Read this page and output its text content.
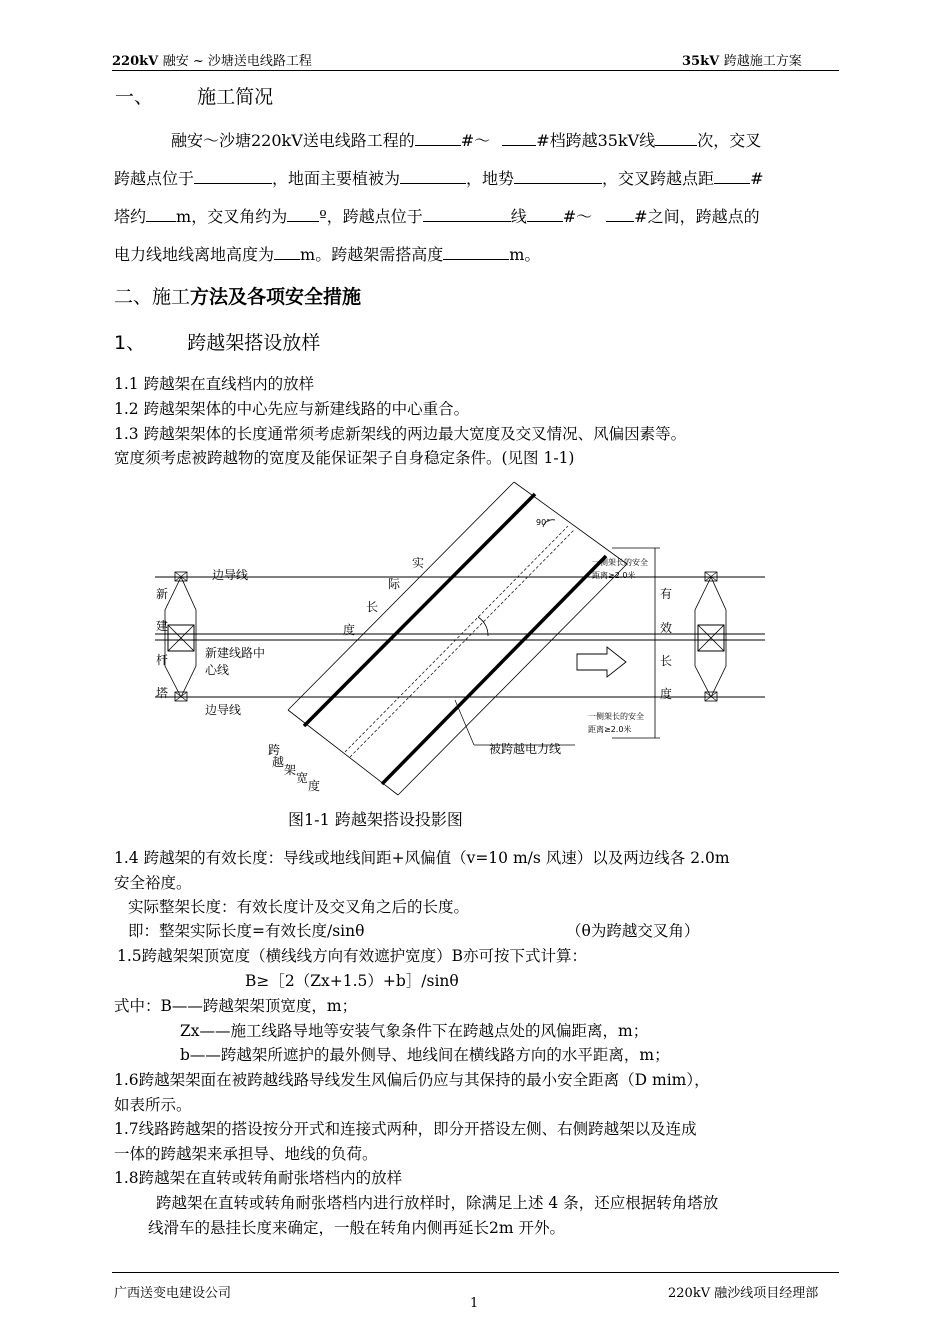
220kV 融安 ~ 沙塘送电线路工程	35kV 跨越施工方案
一、 施工简况
融安～沙塘220kV送电线路工程的	#～	#档跨越35kV线	次，交叉
跨越点位于	，地面主要植被为	，地势	，交叉跨越点距 #
塔约 m，交叉角约为 º，跨越点位于	线 #～	#之间，跨越点的
电力线地线离地高度为 m。跨越架需搭高度	m。
二、施工方法及各项安全措施
1、 跨越架搭设放样
1.1 跨越架在直线档内的放样
1.2 跨越架架体的中心先应与新建线路的中心重合。
1.3 跨越架架体的长度通常须考虑新架线的两边最大宽度及交叉情况、风偏因素等。
宽度须考虑被跨越物的宽度及能保证架子自身稳定条件。(见图 1-1)
边导线
边导线
新建线路中
心线
新
建
杆
塔
实
际
长
度
有
效
长
度
被跨越电力线
跨
越
架
宽
度
一侧架长的安全
距离≥2.0米
一侧架长的安全
距离≥2.0米
90°
图1-1 跨越架搭设投影图
1.4 跨越架的有效长度：导线或地线间距+风偏值（v=10 m/s 风速）以及两边线各 2.0m
安全裕度。
实际整架长度：有效长度计及交叉角之后的长度。
即：整架实际长度=有效长度/sinθ	（θ为跨越交叉角）
1.5跨越架架顶宽度（横线线方向有效遮护宽度）B亦可按下式计算：
B≥［2（Zx+1.5）+b］/sinθ
式中：B——跨越架架顶宽度，m；
Zx——施工线路导地等安装气象条件下在跨越点处的风偏距离，m；
b——跨越架所遮护的最外侧导、地线间在横线路方向的水平距离，m；
1.6跨越架架面在被跨越线路导线发生风偏后仍应与其保持的最小安全距离（D mim），
如表所示。
1.7线路跨越架的搭设按分开式和连接式两种，即分开搭设左侧、右侧跨越架以及连成
一体的跨越架来承担导、地线的负荷。
1.8跨越架在直转或转角耐张塔档内的放样
跨越架在直转或转角耐张塔档内进行放样时，除满足上述 4 条，还应根据转角塔放
线滑车的悬挂长度来确定，一般在转角内侧再延长2m 开外。
广西送变电建设公司
1
220kV 融沙线项目经理部
